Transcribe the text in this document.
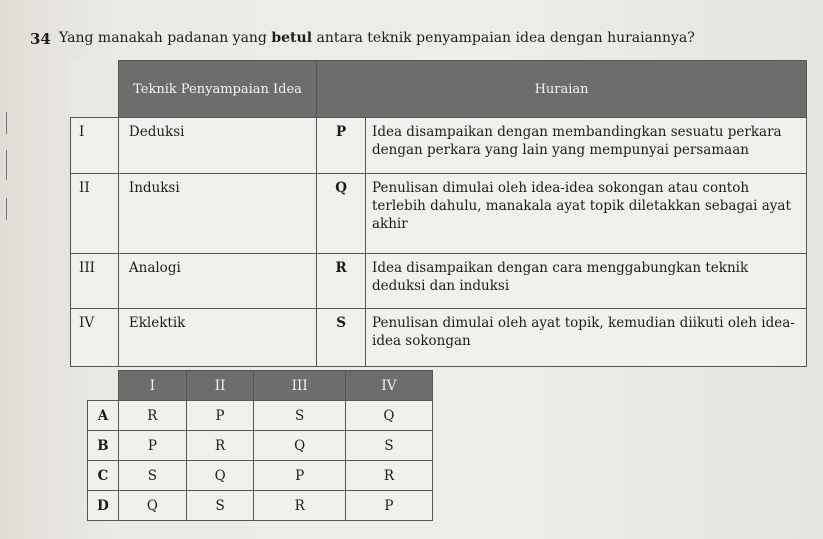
34 Yang manakah padanan yang betul antara teknik penyampaian idea dengan huraiannya?
	Teknik Penyampaian Idea	Huraian	
I	Deduksi	P	Idea disampaikan dengan membandingkan sesuatu perkara dengan perkara yang lain yang mempunyai persamaan
II	Induksi	Q	Penulisan dimulai oleh idea-idea sokongan atau contoh terlebih dahulu, manakala ayat topik diletakkan sebagai ayat akhir
III	Analogi	R	Idea disampaikan dengan cara menggabungkan teknik deduksi dan induksi
IV	Eklektik	S	Penulisan dimulai oleh ayat topik, kemudian diikuti oleh idea-idea sokongan
	I	II	III	IV
A	R	P	S	Q
B	P	R	Q	S
C	S	Q	P	R
D	Q	S	R	P
